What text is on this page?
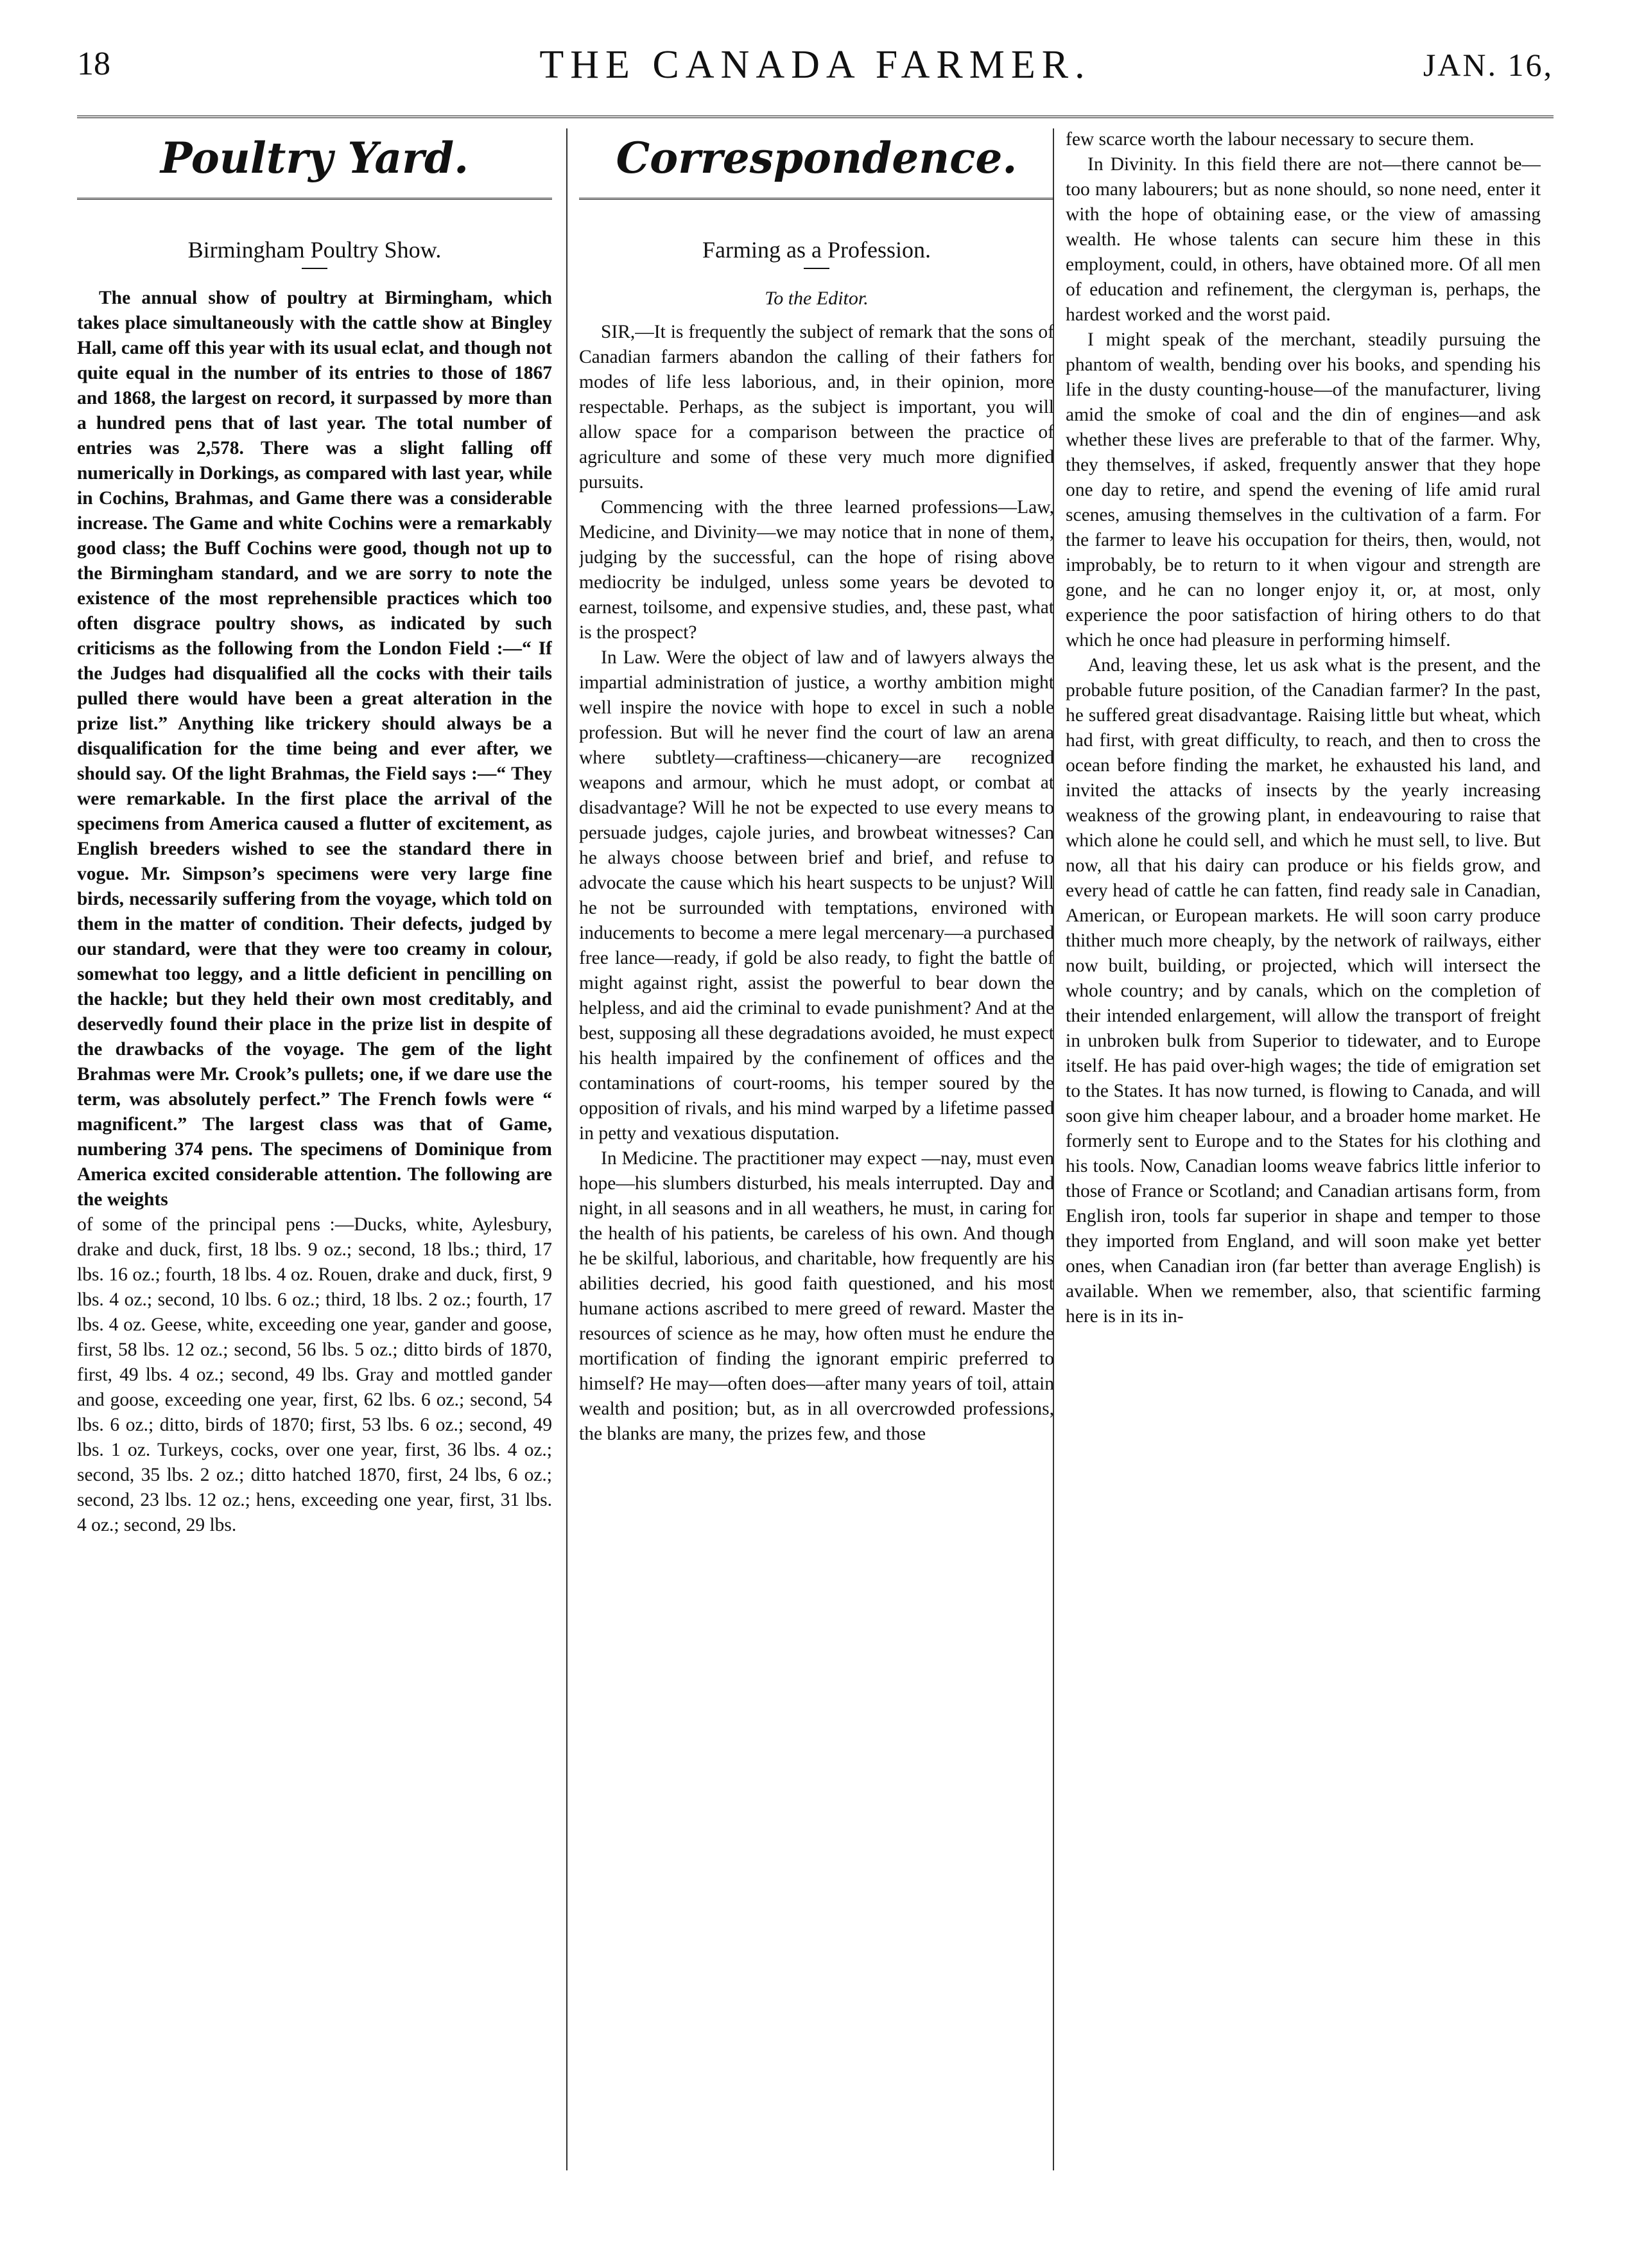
18	THE CANADA FARMER.	JAN. 16,
Poultry Yard.
Birmingham Poultry Show.

The annual show of poultry at Birmingham, which takes place simultaneously with the cattle show at Bingley Hall, came off this year with its usual eclat, and though not quite equal in the number of its entries to those of 1867 and 1868, the largest on record, it surpassed by more than a hundred pens that of last year. The total number of entries was 2,578. There was a slight falling off numerically in Dorkings, as compared with last year, while in Cochins, Brahmas, and Game there was a considerable increase. The Game and white Cochins were a remarkably good class; the Buff Cochins were good, though not up to the Birmingham standard, and we are sorry to note the existence of the most reprehensible practices which too often disgrace poultry shows, as indicated by such criticisms as the following from the London Field :—“ If the Judges had disqualified all the cocks with their tails pulled there would have been a great alteration in the prize list.” Anything like trickery should always be a disqualification for the time being and ever after, we should say. Of the light Brahmas, the Field says :—“ They were remarkable. In the first place the arrival of the specimens from America caused a flutter of excitement, as English breeders wished to see the standard there in vogue. Mr. Simpson’s specimens were very large fine birds, necessarily suffering from the voyage, which told on them in the matter of condition. Their defects, judged by our standard, were that they were too creamy in colour, somewhat too leggy, and a little deficient in pencilling on the hackle; but they held their own most creditably, and deservedly found their place in the prize list in despite of the drawbacks of the voyage. The gem of the light Brahmas were Mr. Crook’s pullets; one, if we dare use the term, was absolutely perfect.” The French fowls were “ magnificent.” The largest class was that of Game, numbering 374 pens. The specimens of Dominique from America excited considerable attention. The following are the weights

of some of the principal pens :—Ducks, white, Aylesbury, drake and duck, first, 18 lbs. 9 oz.; second, 18 lbs.; third, 17 lbs. 16 oz.; fourth, 18 lbs. 4 oz. Rouen, drake and duck, first, 9 lbs. 4 oz.; second, 10 lbs. 6 oz.; third, 18 lbs. 2 oz.; fourth, 17 lbs. 4 oz. Geese, white, exceeding one year, gander and goose, first, 58 lbs. 12 oz.; second, 56 lbs. 5 oz.; ditto birds of 1870, first, 49 lbs. 4 oz.; second, 49 lbs. Gray and mottled gander and goose, exceeding one year, first, 62 lbs. 6 oz.; second, 54 lbs. 6 oz.; ditto, birds of 1870; first, 53 lbs. 6 oz.; second, 49 lbs. 1 oz. Turkeys, cocks, over one year, first, 36 lbs. 4 oz.; second, 35 lbs. 2 oz.; ditto hatched 1870, first, 24 lbs, 6 oz.; second, 23 lbs. 12 oz.; hens, exceeding one year, first, 31 lbs. 4 oz.; second, 29 lbs.

Correspondence.
Farming as a Profession.
To the Editor.

SIR,—It is frequently the subject of remark that the sons of Canadian farmers abandon the calling of their fathers for modes of life less laborious, and, in their opinion, more respectable. Perhaps, as the subject is important, you will allow space for a comparison between the practice of agriculture and some of these very much more dignified pursuits.

Commencing with the three learned professions—Law, Medicine, and Divinity—we may notice that in none of them, judging by the successful, can the hope of rising above mediocrity be indulged, unless some years be devoted to earnest, toilsome, and expensive studies, and, these past, what is the prospect?

In Law. Were the object of law and of lawyers always the impartial administration of justice, a worthy ambition might well inspire the novice with hope to excel in such a noble profession. But will he never find the court of law an arena where subtlety—craftiness—chicanery—are recognized weapons and armour, which he must adopt, or combat at disadvantage? Will he not be expected to use every means to persuade judges, cajole juries, and browbeat witnesses? Can he always choose between brief and brief, and refuse to advocate the cause which his heart suspects to be unjust? Will he not be surrounded with temptations, environed with inducements to become a mere legal mercenary—a purchased free lance—ready, if gold be also ready, to fight the battle of might against right, assist the powerful to bear down the helpless, and aid the criminal to evade punishment? And at the best, supposing all these degradations avoided, he must expect his health impaired by the confinement of offices and the contaminations of court-rooms, his temper soured by the opposition of rivals, and his mind warped by a lifetime passed in petty and vexatious disputation.

In Medicine. The practitioner may expect —nay, must even hope—his slumbers disturbed, his meals interrupted. Day and night, in all seasons and in all weathers, he must, in caring for the health of his patients, be careless of his own. And though he be skilful, laborious, and charitable, how frequently are his abilities decried, his good faith questioned, and his most humane actions ascribed to mere greed of reward. Master the resources of science as he may, how often must he endure the mortification of finding the ignorant empiric preferred to himself? He may—often does—after many years of toil, attain wealth and position; but, as in all overcrowded professions, the blanks are many, the prizes few, and those

few scarce worth the labour necessary to secure them.

In Divinity. In this field there are not—there cannot be—too many labourers; but as none should, so none need, enter it with the hope of obtaining ease, or the view of amassing wealth. He whose talents can secure him these in this employment, could, in others, have obtained more. Of all men of education and refinement, the clergyman is, perhaps, the hardest worked and the worst paid.

I might speak of the merchant, steadily pursuing the phantom of wealth, bending over his books, and spending his life in the dusty counting-house—of the manufacturer, living amid the smoke of coal and the din of engines—and ask whether these lives are preferable to that of the farmer. Why, they themselves, if asked, frequently answer that they hope one day to retire, and spend the evening of life amid rural scenes, amusing themselves in the cultivation of a farm. For the farmer to leave his occupation for theirs, then, would, not improbably, be to return to it when vigour and strength are gone, and he can no longer enjoy it, or, at most, only experience the poor satisfaction of hiring others to do that which he once had pleasure in performing himself.

And, leaving these, let us ask what is the present, and the probable future position, of the Canadian farmer? In the past, he suffered great disadvantage. Raising little but wheat, which had first, with great difficulty, to reach, and then to cross the ocean before finding the market, he exhausted his land, and invited the attacks of insects by the yearly increasing weakness of the growing plant, in endeavouring to raise that which alone he could sell, and which he must sell, to live. But now, all that his dairy can produce or his fields grow, and every head of cattle he can fatten, find ready sale in Canadian, American, or European markets. He will soon carry produce thither much more cheaply, by the network of railways, either now built, building, or projected, which will intersect the whole country; and by canals, which on the completion of their intended enlargement, will allow the transport of freight in unbroken bulk from Superior to tidewater, and to Europe itself. He has paid over-high wages; the tide of emigration set to the States. It has now turned, is flowing to Canada, and will soon give him cheaper labour, and a broader home market. He formerly sent to Europe and to the States for his clothing and his tools. Now, Canadian looms weave fabrics little inferior to those of France or Scotland; and Canadian artisans form, from English iron, tools far superior in shape and temper to those they imported from England, and will soon make yet better ones, when Canadian iron (far better than average English) is available. When we remember, also, that scientific farming here is in its in-
